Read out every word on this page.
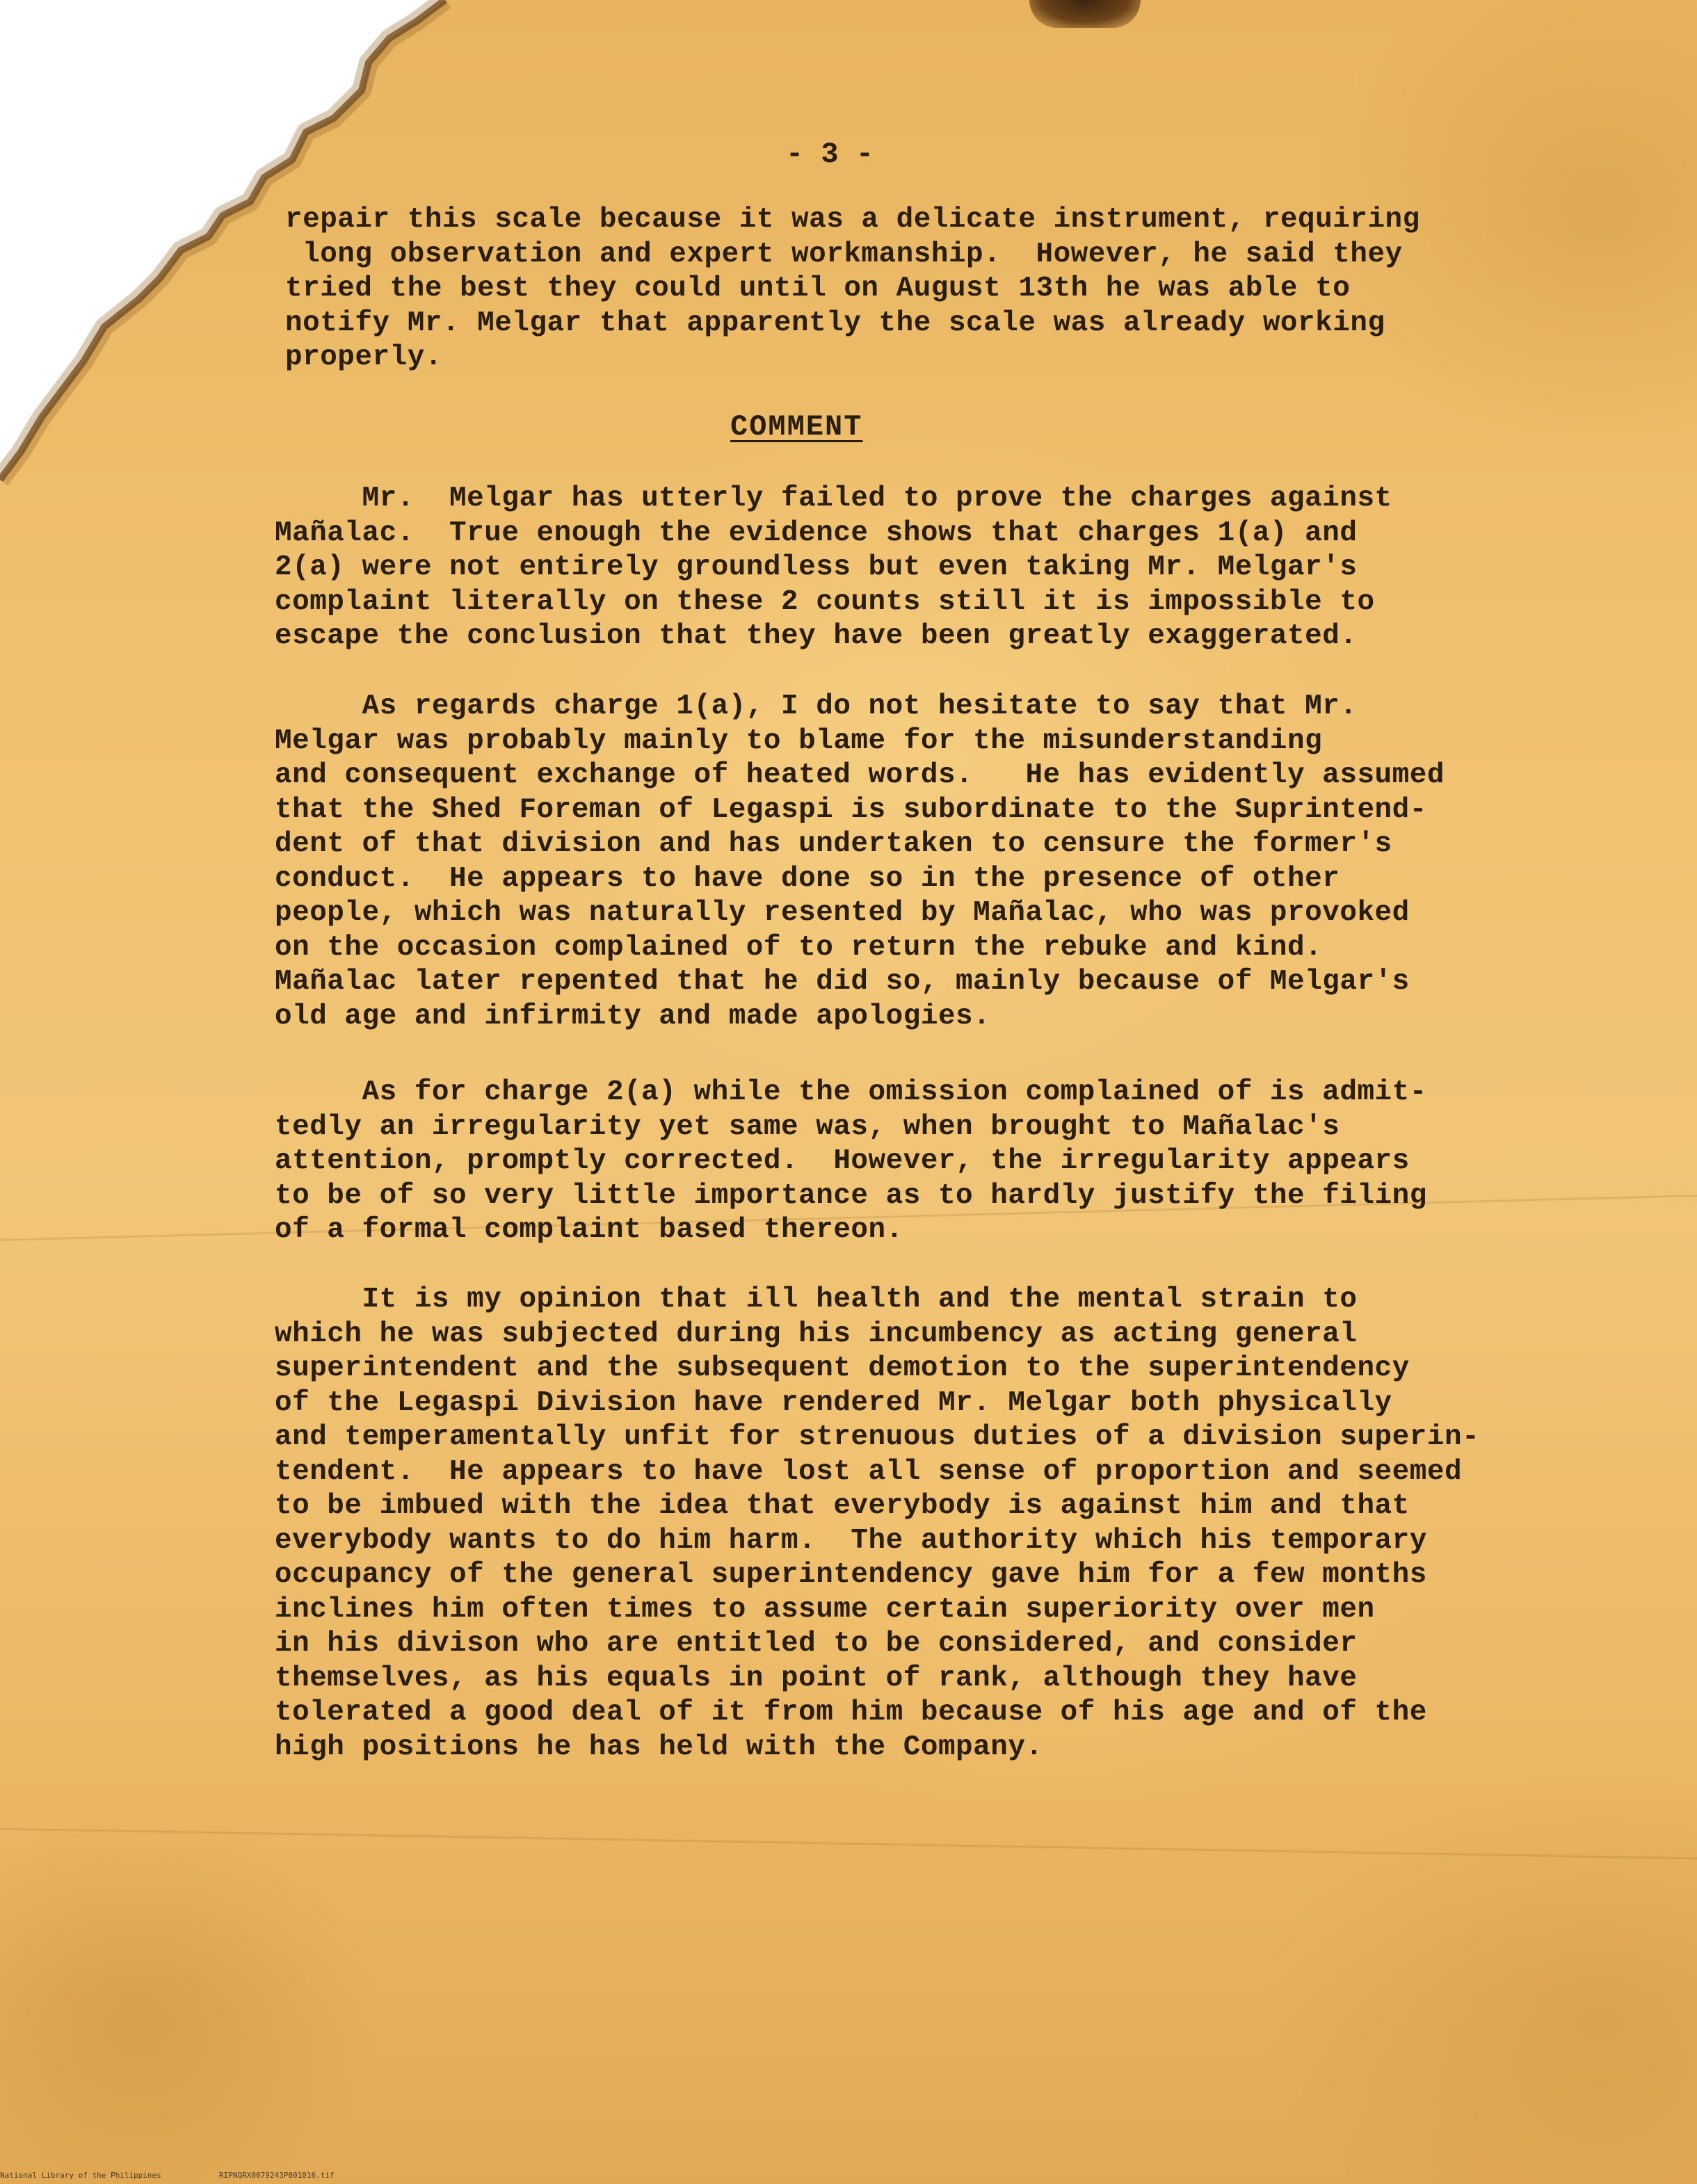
- 3 -
repair this scale because it was a delicate instrument, requiring
long observation and expert workmanship.  However, he said they
tried the best they could until on August 13th he was able to
notify Mr. Melgar that apparently the scale was already working
properly.
COMMENT
Mr.  Melgar has utterly failed to prove the charges against
Mañalac.  True enough the evidence shows that charges 1(a) and
2(a) were not entirely groundless but even taking Mr. Melgar's
complaint literally on these 2 counts still it is impossible to
escape the conclusion that they have been greatly exaggerated.
As regards charge 1(a), I do not hesitate to say that Mr.
Melgar was probably mainly to blame for the misunderstanding
and consequent exchange of heated words.   He has evidently assumed
that the Shed Foreman of Legaspi is subordinate to the Suprintend-
dent of that division and has undertaken to censure the former's
conduct.  He appears to have done so in the presence of other
people, which was naturally resented by Mañalac, who was provoked
on the occasion complained of to return the rebuke and kind.
Mañalac later repented that he did so, mainly because of Melgar's
old age and infirmity and made apologies.
As for charge 2(a) while the omission complained of is admit-
tedly an irregularity yet same was, when brought to Mañalac's
attention, promptly corrected.  However, the irregularity appears
to be of so very little importance as to hardly justify the filing
of a formal complaint based thereon.
It is my opinion that ill health and the mental strain to
which he was subjected during his incumbency as acting general
superintendent and the subsequent demotion to the superintendency
of the Legaspi Division have rendered Mr. Melgar both physically
and temperamentally unfit for strenuous duties of a division superin-
tendent.  He appears to have lost all sense of proportion and seemed
to be imbued with the idea that everybody is against him and that
everybody wants to do him harm.  The authority which his temporary
occupancy of the general superintendency gave him for a few months
inclines him often times to assume certain superiority over men
in his divison who are entitled to be considered, and consider
themselves, as his equals in point of rank, although they have
tolerated a good deal of it from him because of his age and of the
high positions he has held with the Company.
National Library of the Philippines	RIPNQRX0079243P001016.tif
